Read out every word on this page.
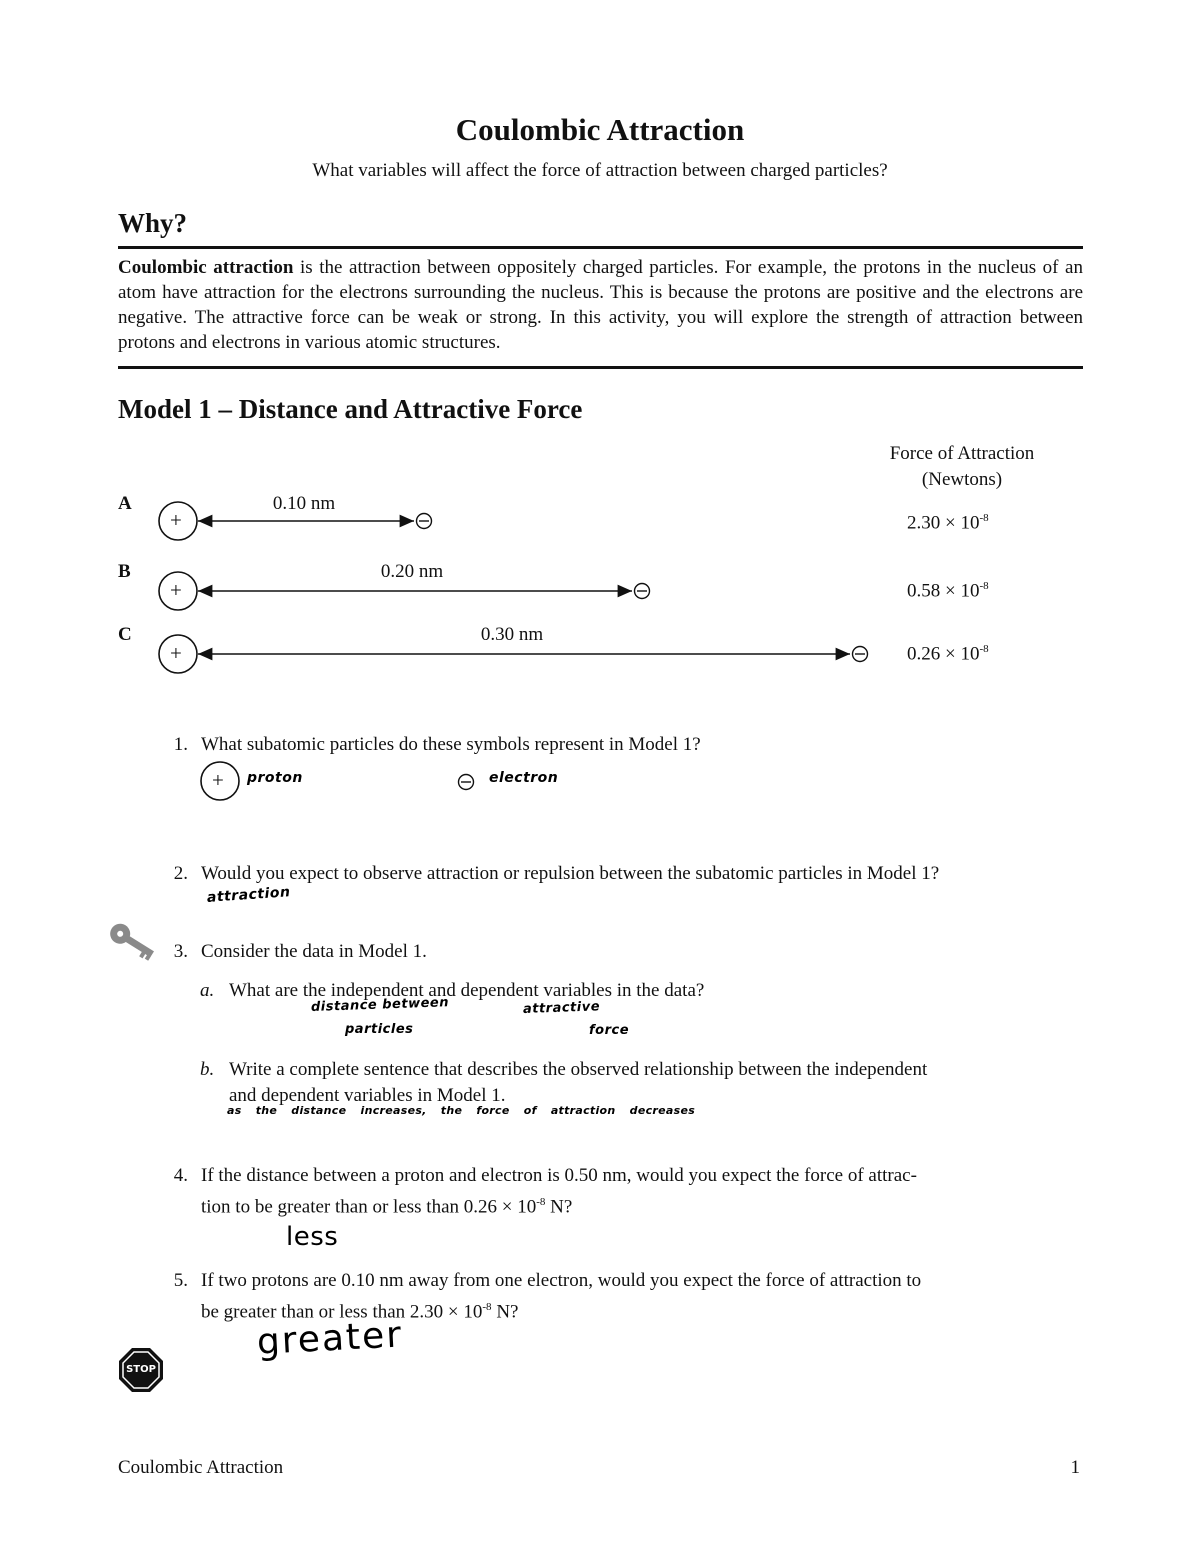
Coulombic Attraction
What variables will affect the force of attraction between charged particles?
Why?
Coulombic attraction is the attraction between oppositely charged particles. For example, the protons in the nucleus of an atom have attraction for the electrons surrounding the nucleus. This is because the protons are positive and the electrons are negative. The attractive force can be weak or strong. In this activity, you will explore the strength of attraction between protons and electrons in various atomic structures.
Model 1 – Distance and Attractive Force
Force of Attraction
(Newtons)
A
B
C
0.10 nm
0.20 nm
0.30 nm
$2.30 \times 10^{-8}$
$0.58 \times 10^{-8}$
$0.26 \times 10^{-8}$
+
+
+
+
STOP
1. What subatomic particles do these symbols represent in Model 1?
proton	electron
2. Would you expect to observe attraction or repulsion between the subatomic particles in Model 1?
attraction
3. Consider the data in Model 1.
a. What are the independent and dependent variables in the data?
distance between
particles
attractive
force
b. Write a complete sentence that describes the observed relationship between the independent
and dependent variables in Model 1.
as the distance increases, the force of attraction decreases
4. If the distance between a proton and electron is 0.50 nm, would you expect the force of attrac-
tion to be greater than or less than $0.26 \times 10^{-8}$ N?
less
5. If two protons are 0.10 nm away from one electron, would you expect the force of attraction to
be greater than or less than $2.30 \times 10^{-8}$ N?
greater
Coulombic Attraction	1
